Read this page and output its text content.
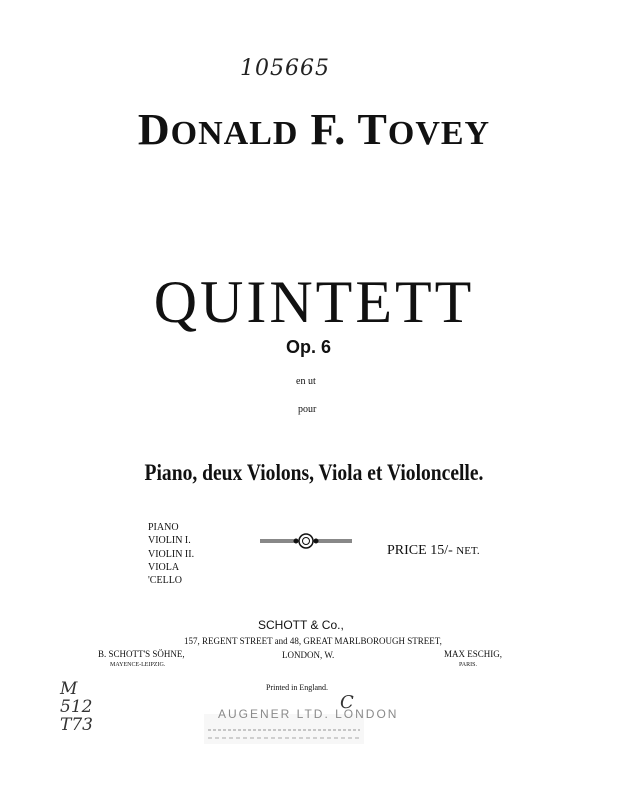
105665
DONALD F. TOVEY
QUINTETT
Op. 6
en ut
pour
Piano, deux Violons, Viola et Violoncelle.
PIANO
VIOLIN I.
VIOLIN II.
VIOLA
'CELLO
PRICE 15/- NET.
SCHOTT & Co.,
157, REGENT STREET and 48, GREAT MARLBOROUGH STREET,
LONDON, W.
B. SCHOTT'S SÖHNE,
MAYENCE-LEIPZIG.
MAX ESCHIG,
PARIS.
Printed in England.
M
512
T73
C
AUGENER LTD. LONDON
